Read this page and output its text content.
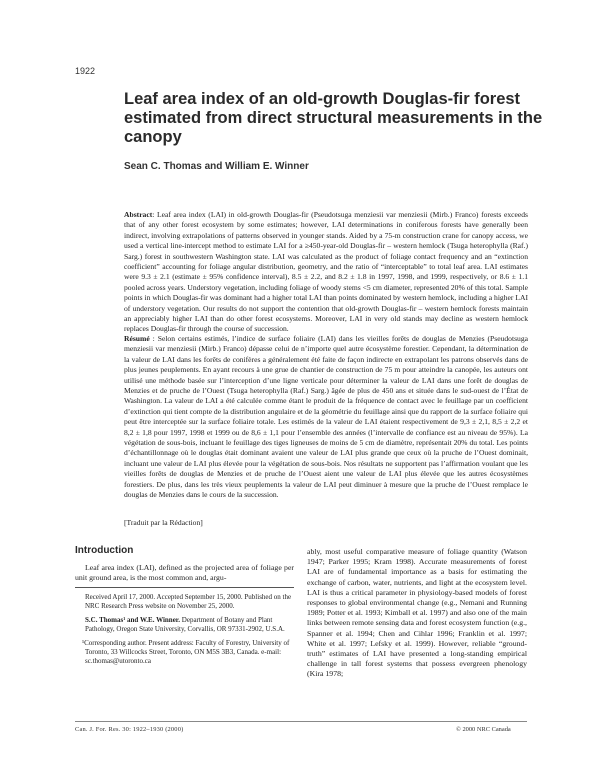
1922
Leaf area index of an old-growth Douglas-fir forest estimated from direct structural measurements in the canopy
Sean C. Thomas and William E. Winner
Abstract: Leaf area index (LAI) in old-growth Douglas-fir (Pseudotsuga menziesii var menziesii (Mirb.) Franco) forests exceeds that of any other forest ecosystem by some estimates; however, LAI determinations in coniferous forests have generally been indirect, involving extrapolations of patterns observed in younger stands. Aided by a 75-m construction crane for canopy access, we used a vertical line-intercept method to estimate LAI for a ≥450-year-old Douglas-fir – western hemlock (Tsuga heterophylla (Raf.) Sarg.) forest in southwestern Washington state. LAI was calculated as the product of foliage contact frequency and an “extinction coefficient” accounting for foliage angular distribution, geometry, and the ratio of “interceptable” to total leaf area. LAI estimates were 9.3 ± 2.1 (estimate ± 95% confidence interval), 8.5 ± 2.2, and 8.2 ± 1.8 in 1997, 1998, and 1999, respectively, or 8.6 ± 1.1 pooled across years. Understory vegetation, including foliage of woody stems <5 cm diameter, represented 20% of this total. Sample points in which Douglas-fir was dominant had a higher total LAI than points dominated by western hemlock, including a higher LAI of understory vegetation. Our results do not support the contention that old-growth Douglas-fir – western hemlock forests maintain an appreciably higher LAI than do other forest ecosystems. Moreover, LAI in very old stands may decline as western hemlock replaces Douglas-fir through the course of succession.
Résumé : Selon certains estimés, l’indice de surface foliaire (LAI) dans les vieilles forêts de douglas de Menzies (Pseudotsuga menziesii var menziesii (Mirb.) Franco) dépasse celui de n’importe quel autre écosystème forestier. Cependant, la détermination de la valeur de LAI dans les forêts de conifères a généralement été faite de façon indirecte en extrapolant les patrons observés dans de plus jeunes peuplements. En ayant recours à une grue de chantier de construction de 75 m pour atteindre la canopée, les auteurs ont utilisé une méthode basée sur l’interception d’une ligne verticale pour déterminer la valeur de LAI dans une forêt de douglas de Menzies et de pruche de l’Ouest (Tsuga heterophylla (Raf.) Sarg.) âgée de plus de 450 ans et située dans le sud-ouest de l’État de Washington. La valeur de LAI a été calculée comme étant le produit de la fréquence de contact avec le feuillage par un coefficient d’extinction qui tient compte de la distribution angulaire et de la géométrie du feuillage ainsi que du rapport de la surface foliaire qui peut être interceptée sur la surface foliaire totale. Les estimés de la valeur de LAI étaient respectivement de 9,3 ± 2,1, 8,5 ± 2,2 et 8,2 ± 1,8 pour 1997, 1998 et 1999 ou de 8,6 ± 1,1 pour l’ensemble des années (l’intervalle de confiance est au niveau de 95%). La végétation de sous-bois, incluant le feuillage des tiges ligneuses de moins de 5 cm de diamètre, représentait 20% du total. Les points d’échantillonnage où le douglas était dominant avaient une valeur de LAI plus grande que ceux où la pruche de l’Ouest dominait, incluant une valeur de LAI plus élevée pour la végétation de sous-bois. Nos résultats ne supportent pas l’affirmation voulant que les vieilles forêts de douglas de Menzies et de pruche de l’Ouest aient une valeur de LAI plus élevée que les autres écosystèmes forestiers. De plus, dans les très vieux peuplements la valeur de LAI peut diminuer à mesure que la pruche de l’Ouest remplace le douglas de Menzies dans le cours de la succession.
[Traduit par la Rédaction]
Introduction
Leaf area index (LAI), defined as the projected area of foliage per unit ground area, is the most common and, argu-
ably, most useful comparative measure of foliage quantity (Watson 1947; Parker 1995; Kram 1998). Accurate measurements of forest LAI are of fundamental importance as a basis for estimating the exchange of carbon, water, nutrients, and light at the ecosystem level. LAI is thus a critical parameter in physiology-based models of forest responses to global environmental change (e.g., Nemani and Running 1989; Potter et al. 1993; Kimball et al. 1997) and also one of the main links between remote sensing data and forest ecosystem function (e.g., Spanner et al. 1994; Chen and Cihlar 1996; Franklin et al. 1997; White et al. 1997; Lefsky et al. 1999). However, reliable “ground-truth” estimates of LAI have presented a long-standing empirical challenge in tall forest systems that possess evergreen phenology (Kira 1978;

Received April 17, 2000. Accepted September 15, 2000. Published on the NRC Research Press website on November 25, 2000.

S.C. Thomas¹ and W.E. Winner. Department of Botany and Plant Pathology, Oregon State University, Corvallis, OR 97331-2902, U.S.A.

¹Corresponding author. Present address: Faculty of Forestry, University of Toronto, 33 Willcocks Street, Toronto, ON M5S 3B3, Canada. e-mail: sc.thomas@utoronto.ca

Can. J. For. Res. 30: 1922–1930 (2000)	© 2000 NRC Canada
